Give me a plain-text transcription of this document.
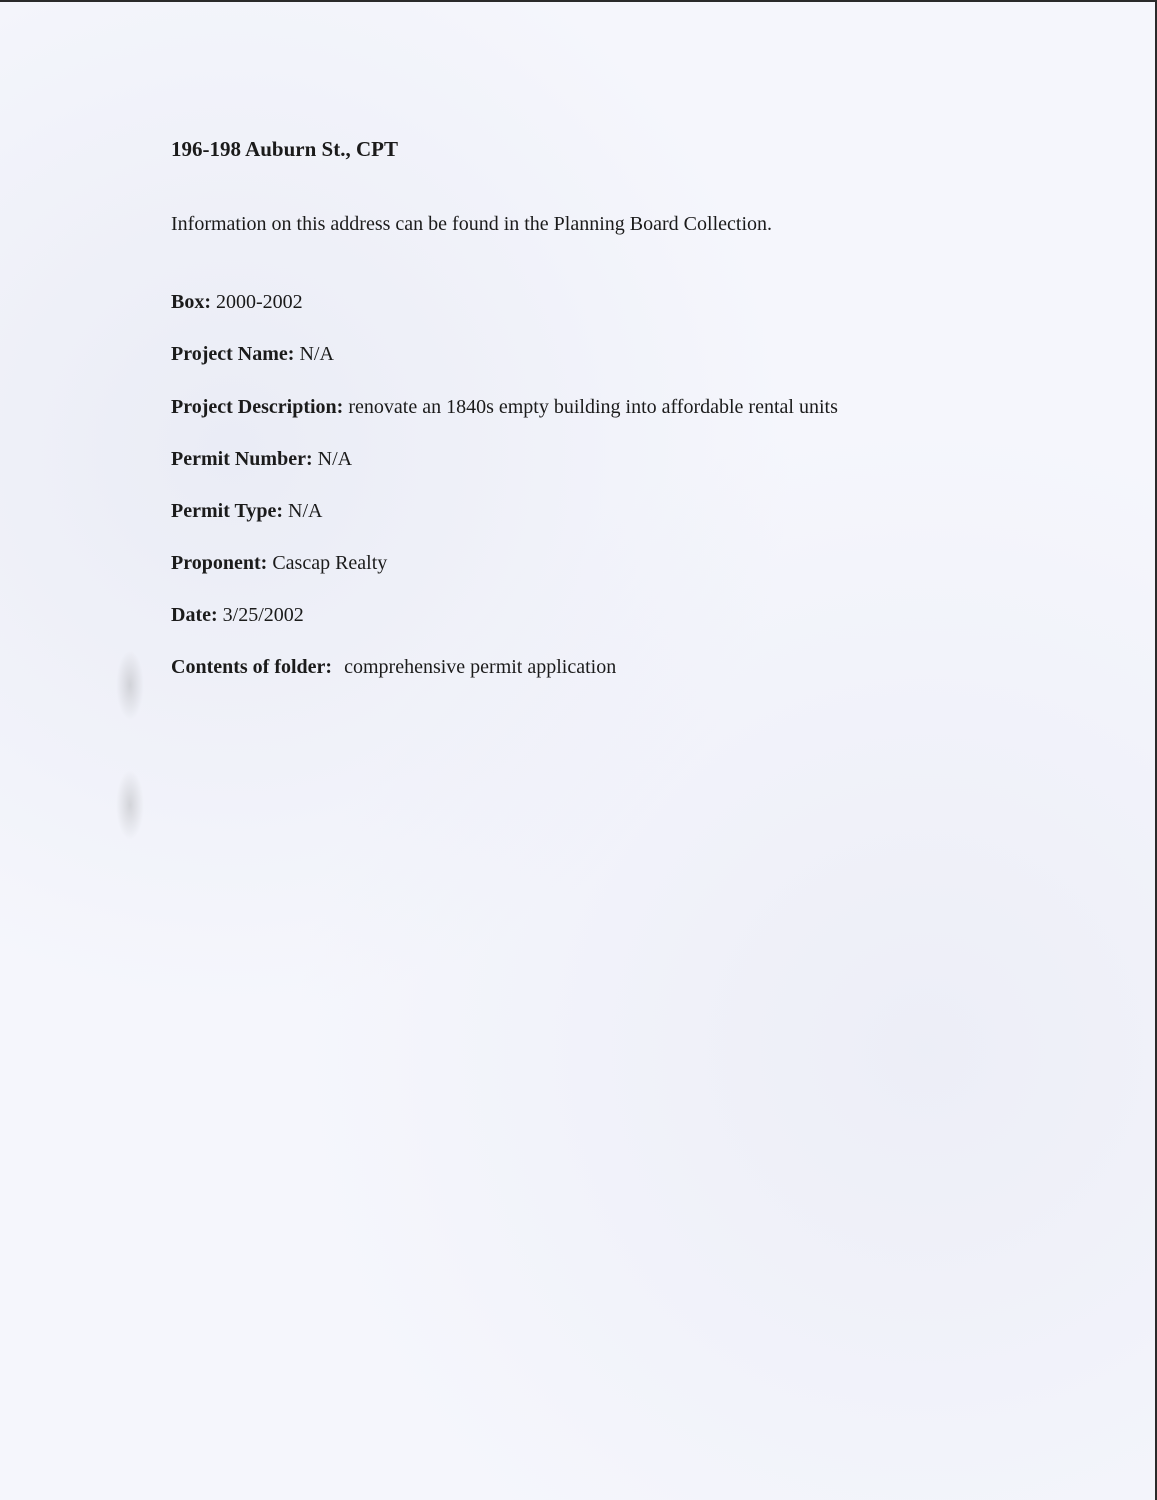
196-198 Auburn St., CPT

Information on this address can be found in the Planning Board Collection.

Box: 2000-2002
Project Name: N/A
Project Description: renovate an 1840s empty building into affordable rental units
Permit Number: N/A
Permit Type: N/A
Proponent: Cascap Realty
Date: 3/25/2002
Contents of folder: comprehensive permit application
